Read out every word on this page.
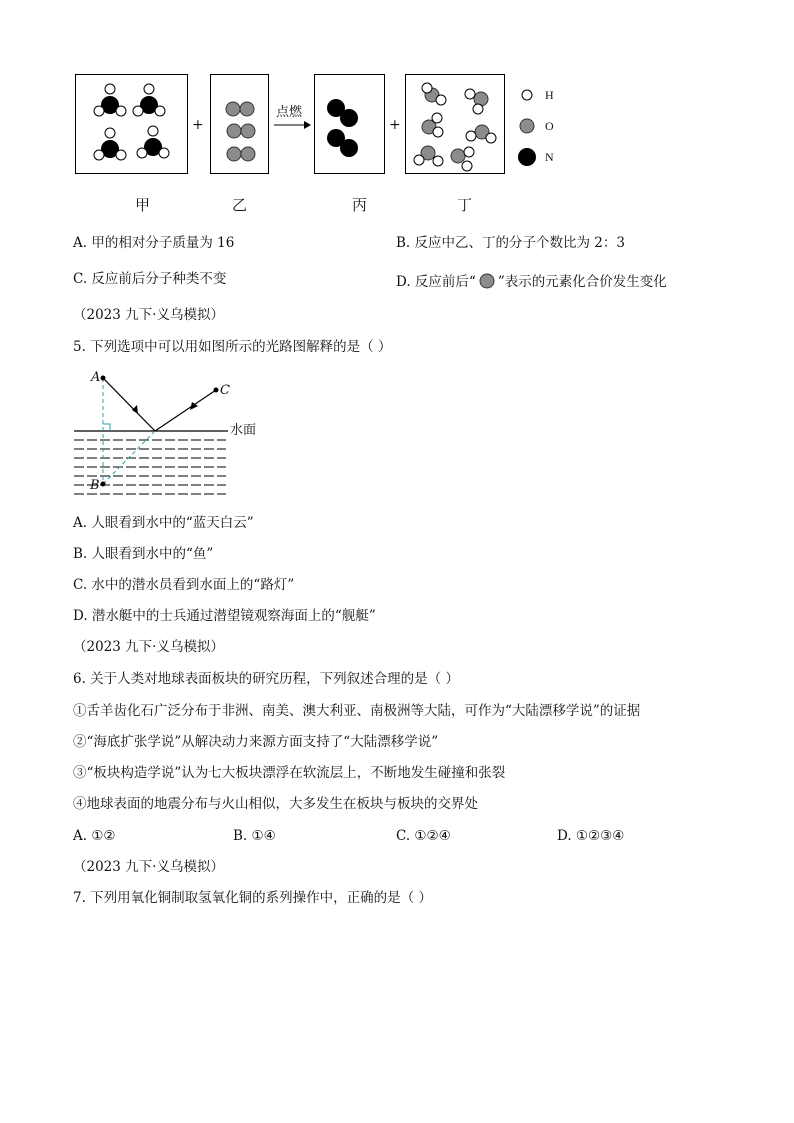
+
点燃
+
H
O
N
甲	乙	丙	丁
A. 甲的相对分子质量为 16	B. 反应中乙、丁的分子个数比为 2：3
C. 反应前后分子种类不变	D. 反应前后“ ”表示的元素化合价发生变化
（2023 九下·义乌模拟）
5. 下列选项中可以用如图所示的光路图解释的是（ ）
A
C
B
水面
A. 人眼看到水中的“蓝天白云”
B. 人眼看到水中的“鱼”
C. 水中的潜水员看到水面上的“路灯”
D. 潜水艇中的士兵通过潜望镜观察海面上的“舰艇”
（2023 九下·义乌模拟）
6. 关于人类对地球表面板块的研究历程，下列叙述合理的是（ ）
①舌羊齿化石广泛分布于非洲、南美、澳大利亚、南极洲等大陆，可作为“大陆漂移学说”的证据
②“海底扩张学说”从解决动力来源方面支持了“大陆漂移学说”
③“板块构造学说”认为七大板块漂浮在软流层上，不断地发生碰撞和张裂
④地球表面的地震分布与火山相似，大多发生在板块与板块的交界处
A. ①②	B. ①④	C. ①②④	D. ①②③④
（2023 九下·义乌模拟）
7. 下列用氧化铜制取氢氧化铜的系列操作中，正确的是（ ）
